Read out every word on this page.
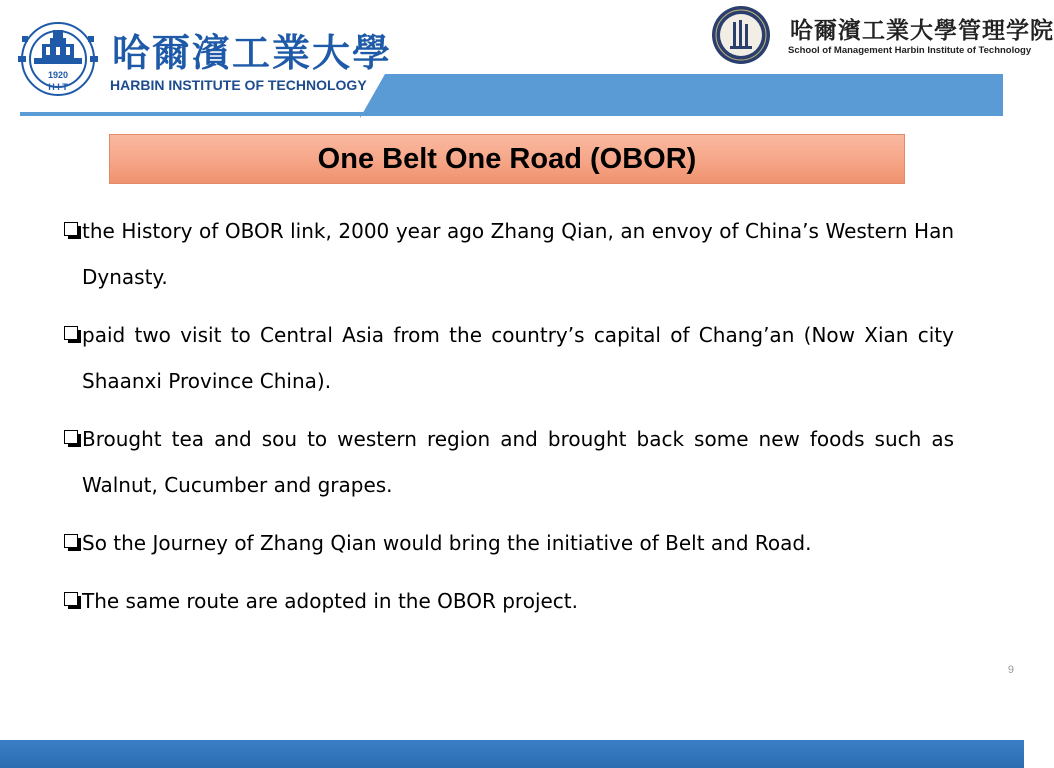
1920
H I T
哈爾濱工業大學
HARBIN INSTITUTE OF TECHNOLOGY
哈爾濱工業大學管理学院
School of Management Harbin Institute of Technology
One Belt One Road (OBOR)
the History of OBOR link, 2000 year ago Zhang Qian, an envoy of China’s Western Han Dynasty.
paid two visit to Central Asia from the country’s capital of Chang’an (Now Xian city Shaanxi Province China).
Brought tea and sou to western region and brought back some new foods such as Walnut, Cucumber and grapes.
So the Journey of Zhang Qian would bring the initiative of Belt and Road.
The same route are adopted in the OBOR project.
9
